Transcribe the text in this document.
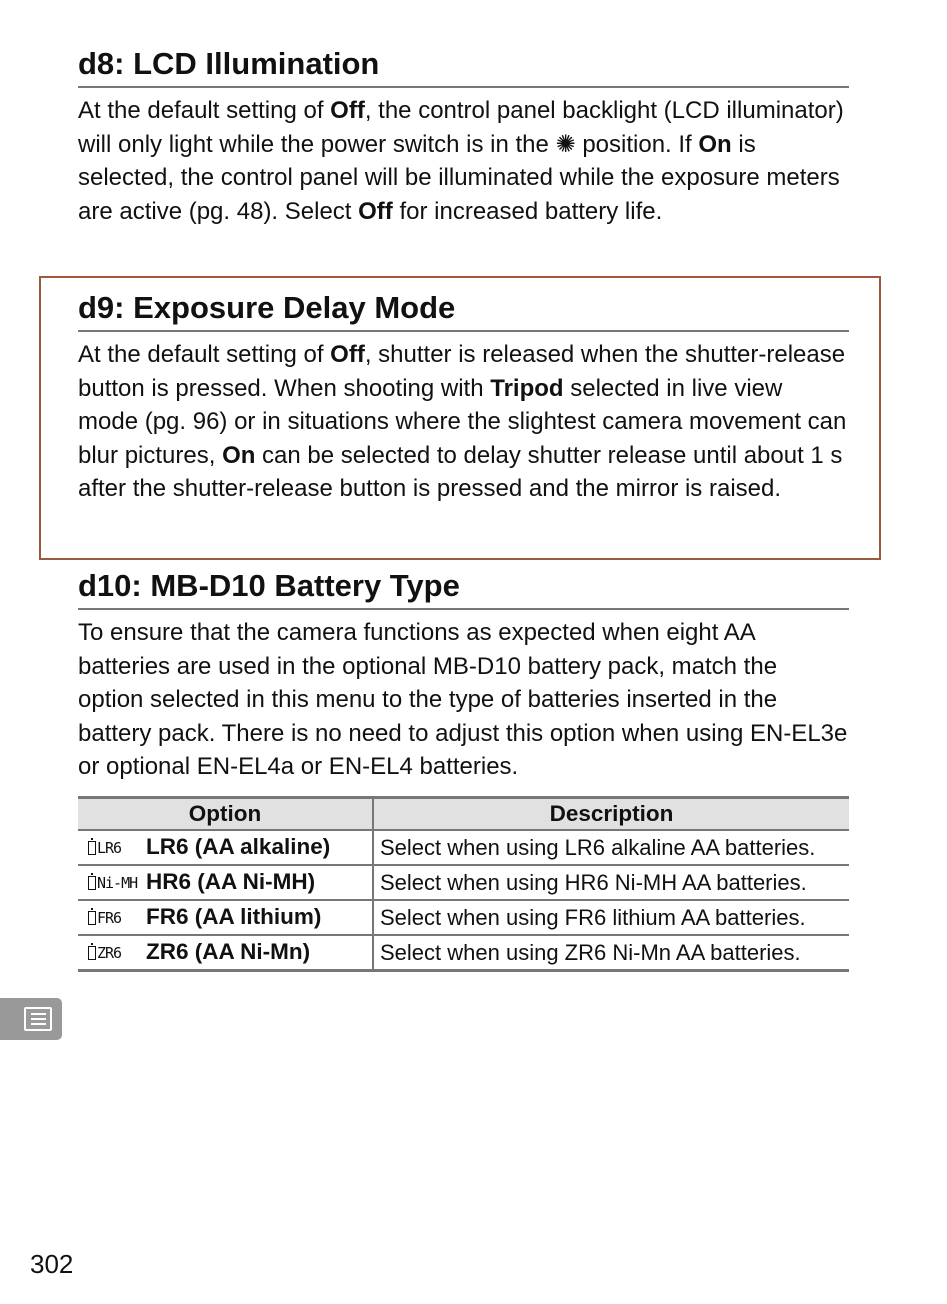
d8: LCD Illumination

At the default setting of Off, the control panel backlight (LCD illuminator) will only light while the power switch is in the ✺ position. If On is selected, the control panel will be illuminated while the exposure meters are active (pg. 48). Select Off for increased battery life.

d9: Exposure Delay Mode

At the default setting of Off, shutter is released when the shutter-release button is pressed. When shooting with Tripod selected in live view mode (pg. 96) or in situations where the slightest camera movement can blur pictures, On can be selected to delay shutter release until about 1 s after the shutter-release button is pressed and the mirror is raised.

d10: MB-D10 Battery Type

To ensure that the camera functions as expected when eight AA batteries are used in the optional MB-D10 battery pack, match the option selected in this menu to the type of batteries inserted in the battery pack. There is no need to adjust this option when using EN-EL3e or optional EN-EL4a or EN-EL4 batteries.

Option	Description
LR6 LR6 (AA alkaline)	Select when using LR6 alkaline AA batteries.
Ni-MH HR6 (AA Ni-MH)	Select when using HR6 Ni-MH AA batteries.
FR6 FR6 (AA lithium)	Select when using FR6 lithium AA batteries.
ZR6 ZR6 (AA Ni-Mn)	Select when using ZR6 Ni-Mn AA batteries.
302
